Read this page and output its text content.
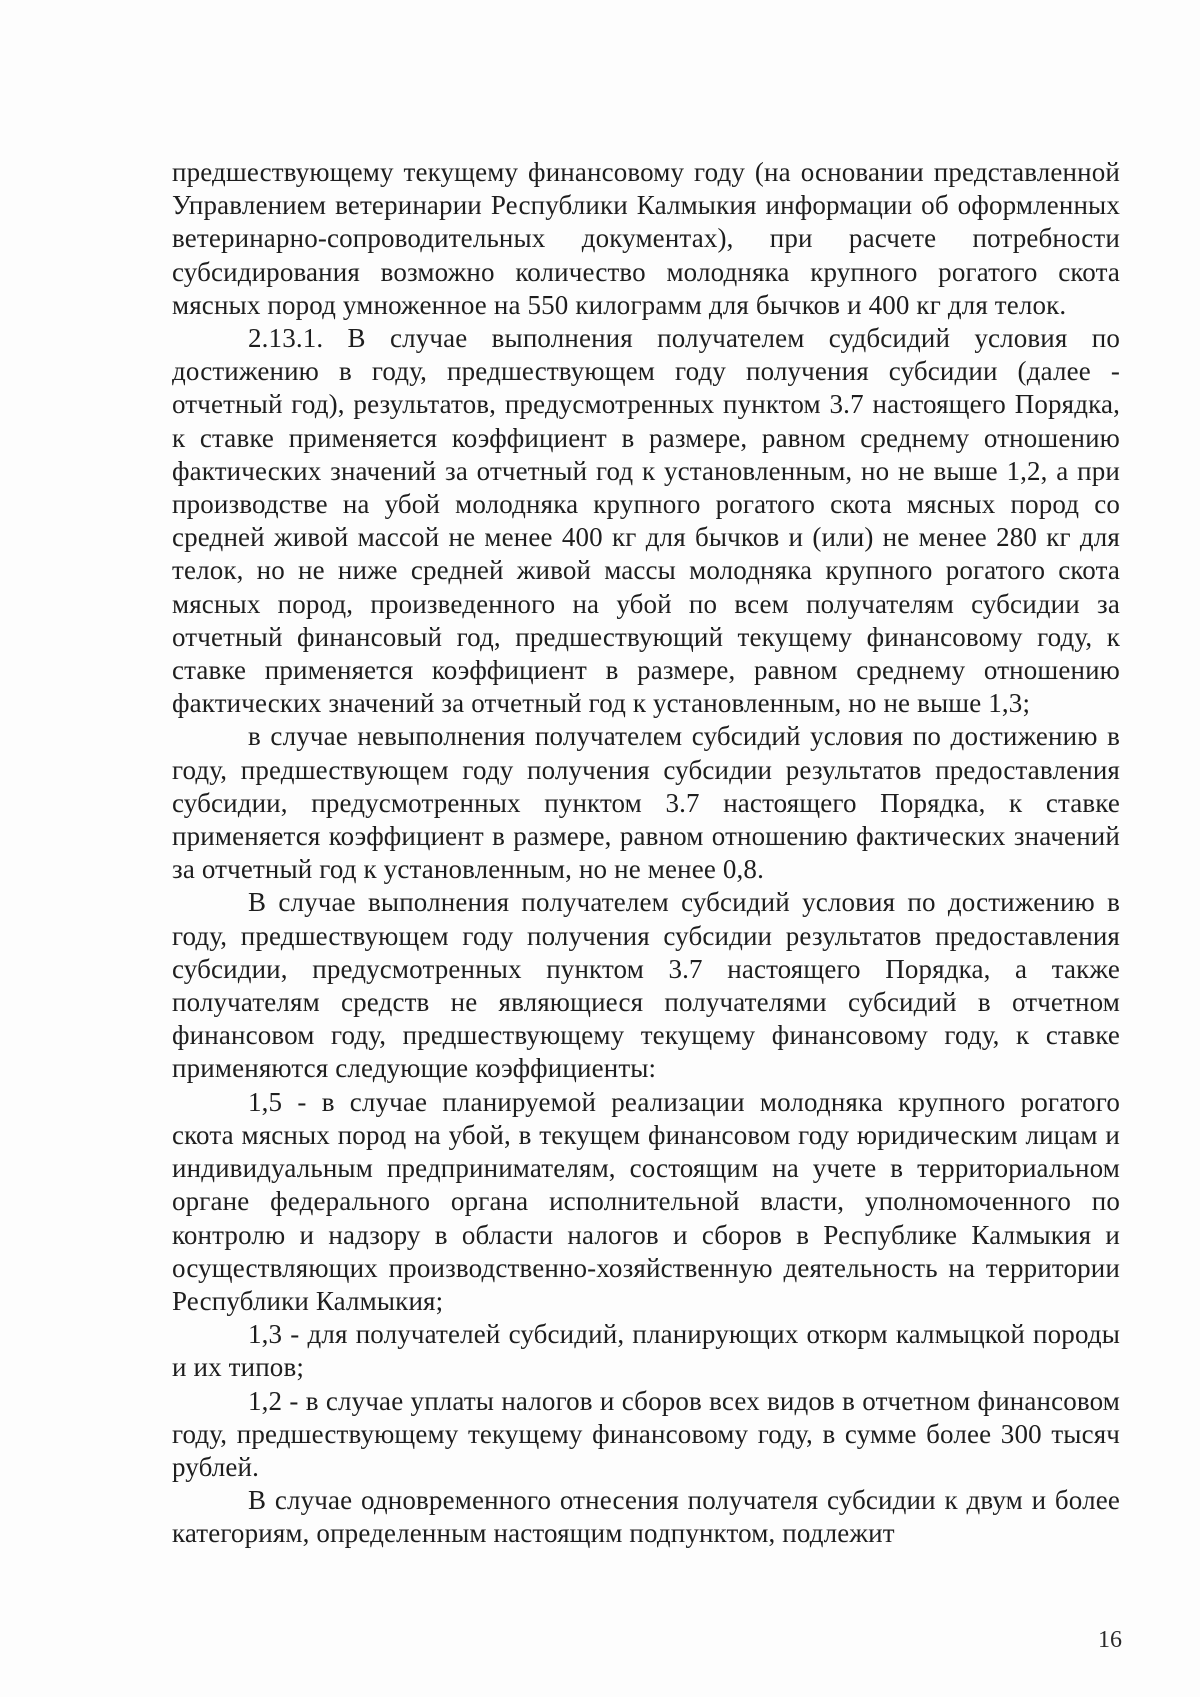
предшествующему текущему финансовому году (на основании представленной Управлением ветеринарии Республики Калмыкия информации об оформленных ветеринарно-сопроводительных документах), при расчете потребности субсидирования возможно количество молодняка крупного рогатого скота мясных пород умноженное на 550 килограмм для бычков и 400 кг для телок.

2.13.1. В случае выполнения получателем судбсидий условия по достижению в году, предшествующем году получения субсидии (далее - отчетный год), результатов, предусмотренных пунктом 3.7 настоящего Порядка, к ставке применяется коэффициент в размере, равном среднему отношению фактических значений за отчетный год к установленным, но не выше 1,2, а при производстве на убой молодняка крупного рогатого скота мясных пород со средней живой массой не менее 400 кг для бычков и (или) не менее 280 кг для телок, но не ниже средней живой массы молодняка крупного рогатого скота мясных пород, произведенного на убой по всем получателям субсидии за отчетный финансовый год, предшествующий текущему финансовому году, к ставке применяется коэффициент в размере, равном среднему отношению фактических значений за отчетный год к установленным, но не выше 1,3;

в случае невыполнения получателем субсидий условия по достижению в году, предшествующем году получения субсидии результатов предоставления субсидии, предусмотренных пунктом 3.7 настоящего Порядка, к ставке применяется коэффициент в размере, равном отношению фактических значений за отчетный год к установленным, но не менее 0,8.

В случае выполнения получателем субсидий условия по достижению в году, предшествующем году получения субсидии результатов предоставления субсидии, предусмотренных пунктом 3.7 настоящего Порядка, а также получателям средств не являющиеся получателями субсидий в отчетном финансовом году, предшествующему текущему финансовому году, к ставке применяются следующие коэффициенты:

1,5 - в случае планируемой реализации молодняка крупного рогатого скота мясных пород на убой, в текущем финансовом году юридическим лицам и индивидуальным предпринимателям, состоящим на учете в территориальном органе федерального органа исполнительной власти, уполномоченного по контролю и надзору в области налогов и сборов в Республике Калмыкия и осуществляющих производственно-хозяйственную деятельность на территории Республики Калмыкия;

1,3 - для получателей субсидий, планирующих откорм калмыцкой породы и их типов;

1,2 - в случае уплаты налогов и сборов всех видов в отчетном финансовом году, предшествующему текущему финансовому году, в сумме более 300 тысяч рублей.

В случае одновременного отнесения получателя субсидии к двум и более категориям, определенным настоящим подпунктом, подлежит

16
